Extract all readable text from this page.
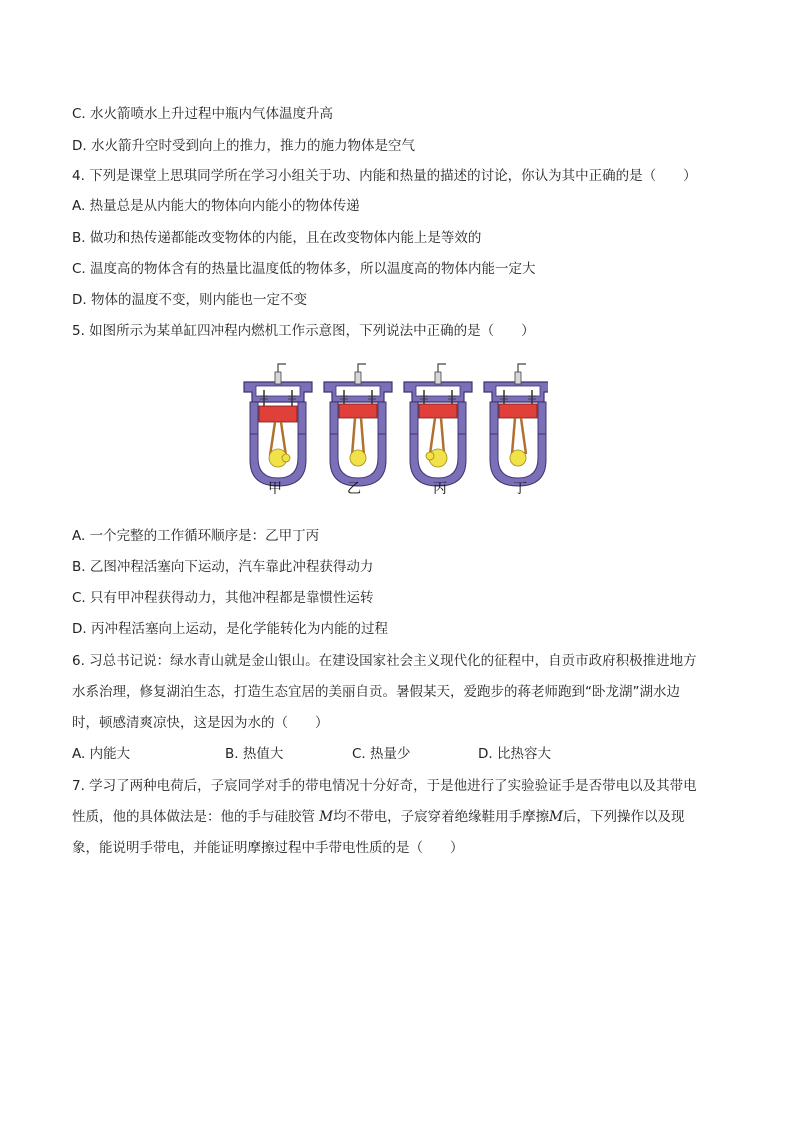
C. 水火箭喷水上升过程中瓶内气体温度升高
D. 水火箭升空时受到向上的推力，推力的施力物体是空气
4. 下列是课堂上思琪同学所在学习小组关于功、内能和热量的描述的讨论，你认为其中正确的是（　　）
A. 热量总是从内能大的物体向内能小的物体传递
B. 做功和热传递都能改变物体的内能，且在改变物体内能上是等效的
C. 温度高的物体含有的热量比温度低的物体多，所以温度高的物体内能一定大
D. 物体的温度不变，则内能也一定不变
5. 如图所示为某单缸四冲程内燃机工作示意图，下列说法中正确的是（　　）
甲	乙	丙	丁
A. 一个完整的工作循环顺序是：乙甲丁丙
B. 乙图冲程活塞向下运动，汽车靠此冲程获得动力
C. 只有甲冲程获得动力，其他冲程都是靠惯性运转
D. 丙冲程活塞向上运动，是化学能转化为内能的过程
6. 习总书记说：绿水青山就是金山银山。在建设国家社会主义现代化的征程中，自贡市政府积极推进地方
水系治理，修复湖泊生态，打造生态宜居的美丽自贡。暑假某天，爱跑步的蒋老师跑到“卧龙湖”湖水边
时，顿感清爽凉快，这是因为水的（　　）
A. 内能大	B. 热值大	C. 热量少	D. 比热容大
7. 学习了两种电荷后，子宸同学对手的带电情况十分好奇，于是他进行了实验验证手是否带电以及其带电
性质，他的具体做法是：他的手与硅胶管 M均不带电，子宸穿着绝缘鞋用手摩擦M后，下列操作以及现
象，能说明手带电，并能证明摩擦过程中手带电性质的是（　　）
